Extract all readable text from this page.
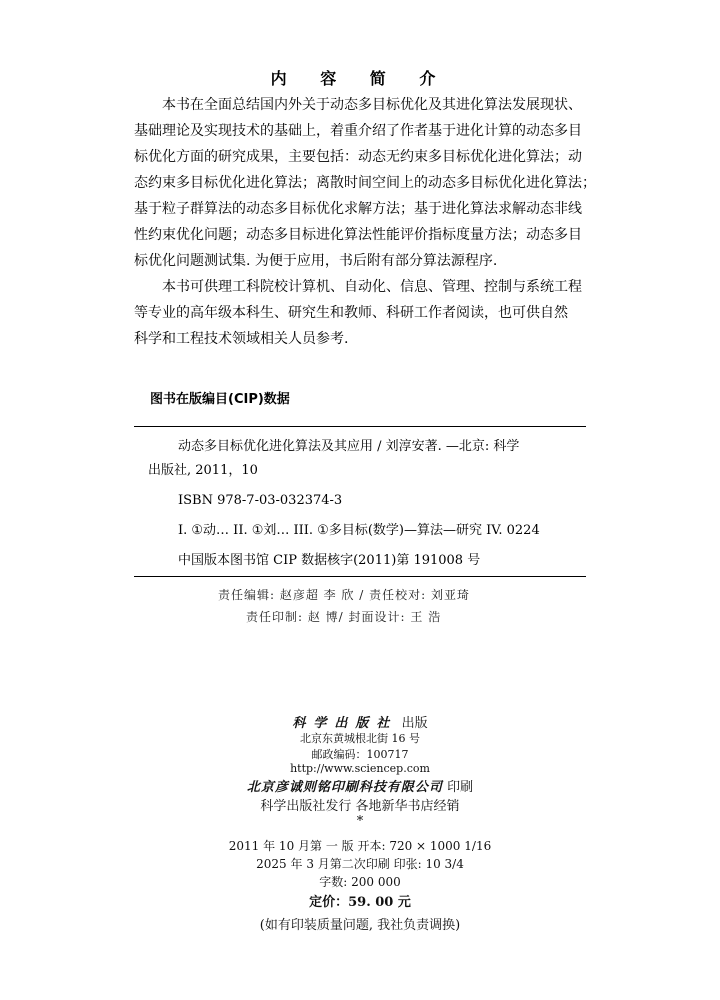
内 容 简 介
　　本书在全面总结国内外关于动态多目标优化及其进化算法发展现状、
基础理论及实现技术的基础上，着重介绍了作者基于进化计算的动态多目
标优化方面的研究成果，主要包括：动态无约束多目标优化进化算法；动
态约束多目标优化进化算法；离散时间空间上的动态多目标优化进化算法；
基于粒子群算法的动态多目标优化求解方法；基于进化算法求解动态非线
性约束优化问题；动态多目标进化算法性能评价指标度量方法；动态多目
标优化问题测试集. 为便于应用，书后附有部分算法源程序.
　　本书可供理工科院校计算机、自动化、信息、管理、控制与系统工程
等专业的高年级本科生、研究生和教师、科研工作者阅读，也可供自然
科学和工程技术领域相关人员参考.
图书在版编目(CIP)数据
动态多目标优化进化算法及其应用 / 刘淳安著. —北京: 科学
出版社, 2011，10
ISBN 978-7-03-032374-3
I. ①动… II. ①刘… III. ①多目标(数学)—算法—研究 IV. 0224
中国版本图书馆 CIP 数据核字(2011)第 191008 号
责任编辑: 赵彦超 李 欣 / 责任校对: 刘亚琦
责任印制: 赵 博/ 封面设计: 王 浩
科学出版社 出版
北京东黄城根北街 16 号
邮政编码：100717
http://www.sciencep.com
北京彦诚则铭印刷科技有限公司 印刷
科学出版社发行 各地新华书店经销
*
2011 年 10 月第 一 版 开本: 720 × 1000 1/16
2025 年 3 月第二次印刷 印张: 10 3/4
字数: 200 000
定价：59. 00 元
(如有印装质量问题, 我社负责调换)
